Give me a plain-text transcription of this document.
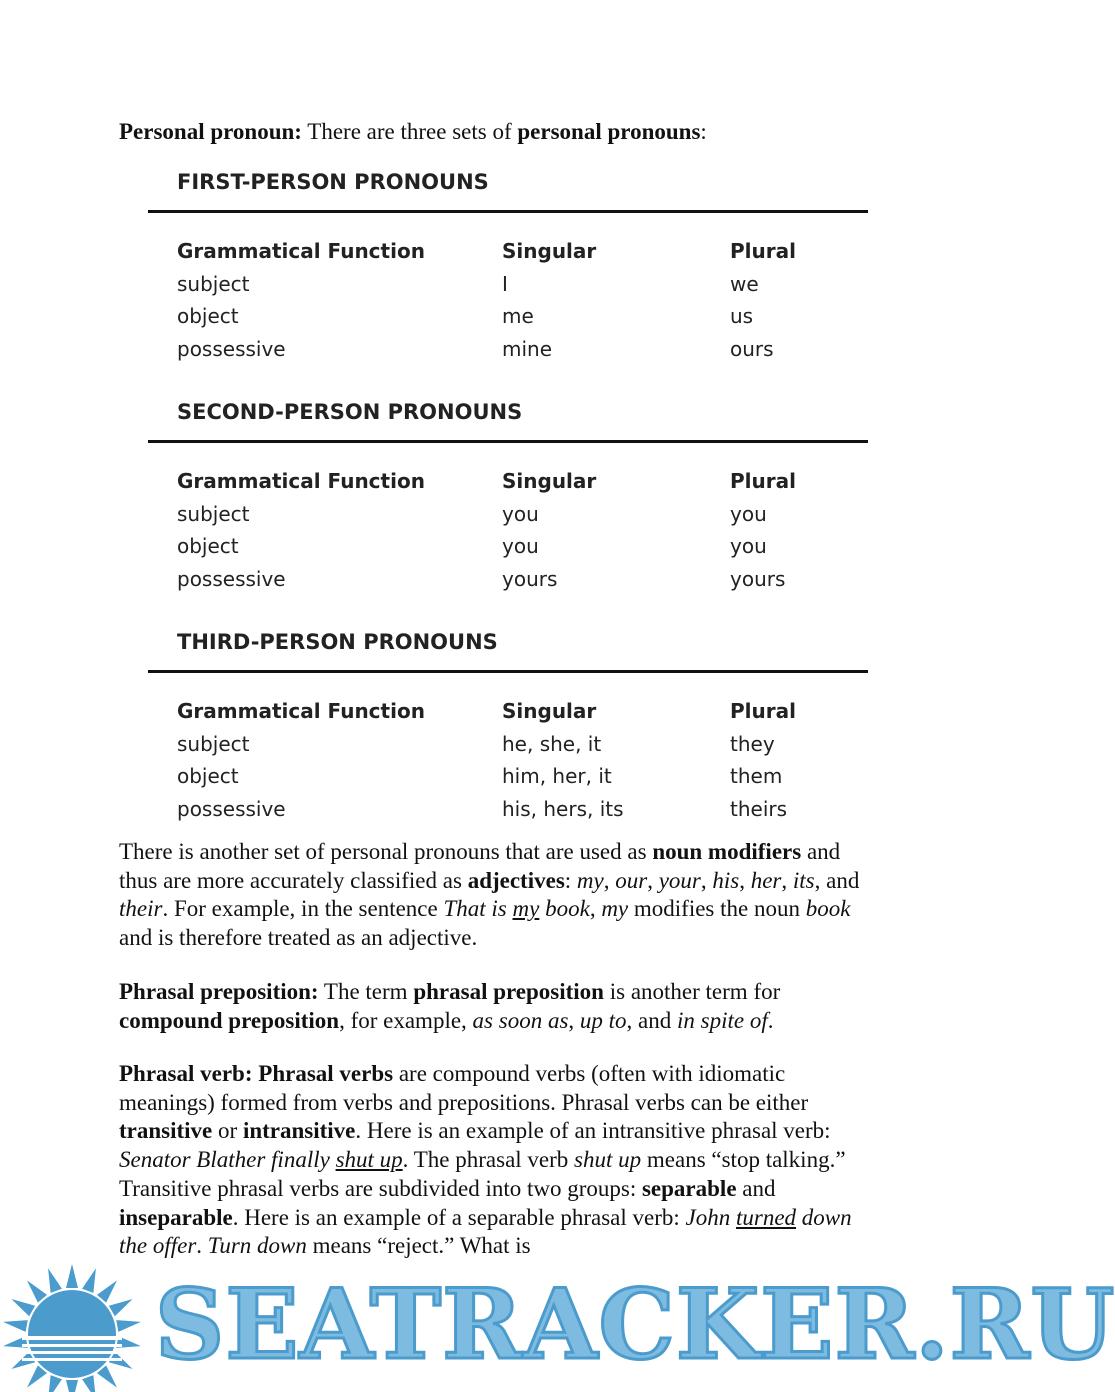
Personal pronoun: There are three sets of personal pronouns:
FIRST-PERSON PRONOUNS
Grammatical Function	Singular	Plural
subject	I	we
object	me	us
possessive	mine	ours
SECOND-PERSON PRONOUNS
Grammatical Function	Singular	Plural
subject	you	you
object	you	you
possessive	yours	yours
THIRD-PERSON PRONOUNS
Grammatical Function	Singular	Plural
subject	he, she, it	they
object	him, her, it	them
possessive	his, hers, its	theirs
There is another set of personal pronouns that are used as noun modifiers and thus are more accurately classified as adjectives: my, our, your, his, her, its, and their. For example, in the sentence That is my book, my modifies the noun book and is therefore treated as an adjective.
Phrasal preposition: The term phrasal preposition is another term for compound preposition, for example, as soon as, up to, and in spite of.
Phrasal verb: Phrasal verbs are compound verbs (often with idiomatic meanings) formed from verbs and prepositions. Phrasal verbs can be either transitive or intransitive. Here is an example of an intransitive phrasal verb: Senator Blather finally shut up. The phrasal verb shut up means “stop talking.” Transitive phrasal verbs are subdivided into two groups: separable and inseparable. Here is an example of a separable phrasal verb: John turned down the offer. Turn down means “reject.” What is
SEATRACKER.RU
